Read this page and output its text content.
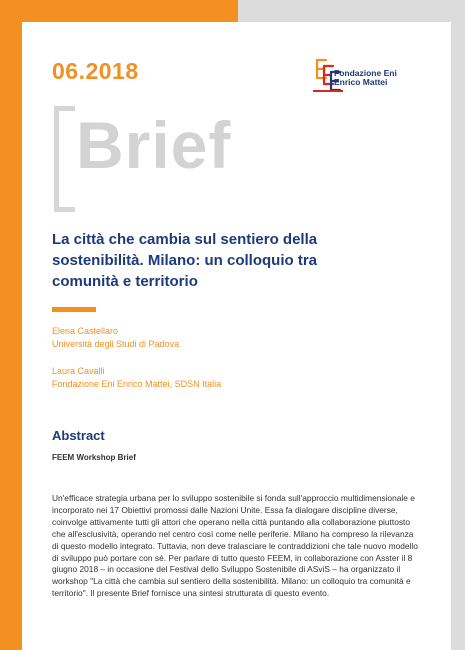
06.2018	Fondazione Eni
Enrico Mattei
Brief
La città che cambia sul sentiero della sostenibilità. Milano: un colloquio tra comunità e territorio
Elena Castellaro
Università degli Studi di Padova
Laura Cavalli
Fondazione Eni Enrico Mattei, SDSN Italia
Abstract
FEEM Workshop Brief

Un'efficace strategia urbana per lo sviluppo sostenibile si fonda sull'approccio multidimensionale e incorporato nei 17 Obiettivi promossi dalle Nazioni Unite. Essa fa dialogare discipline diverse, coinvolge attivamente tutti gli attori che operano nella città puntando alla collaborazione piuttosto che all'esclusività, operando nel centro così come nelle periferie. Milano ha compreso la rilevanza di questo modello integrato. Tuttavia, non deve tralasciare le contraddizioni che tale nuovo modello di sviluppo può portare con sé. Per parlare di tutto questo FEEM, in collaborazione con Asster il 8 giugno 2018 – in occasione del Festival dello Sviluppo Sostenibile di ASviS – ha organizzato il workshop "La città che cambia sul sentiero della sostenibilità. Milano: un colloquio tra comunità e territorio". Il presente Brief fornisce una sintesi strutturata di questo evento.
